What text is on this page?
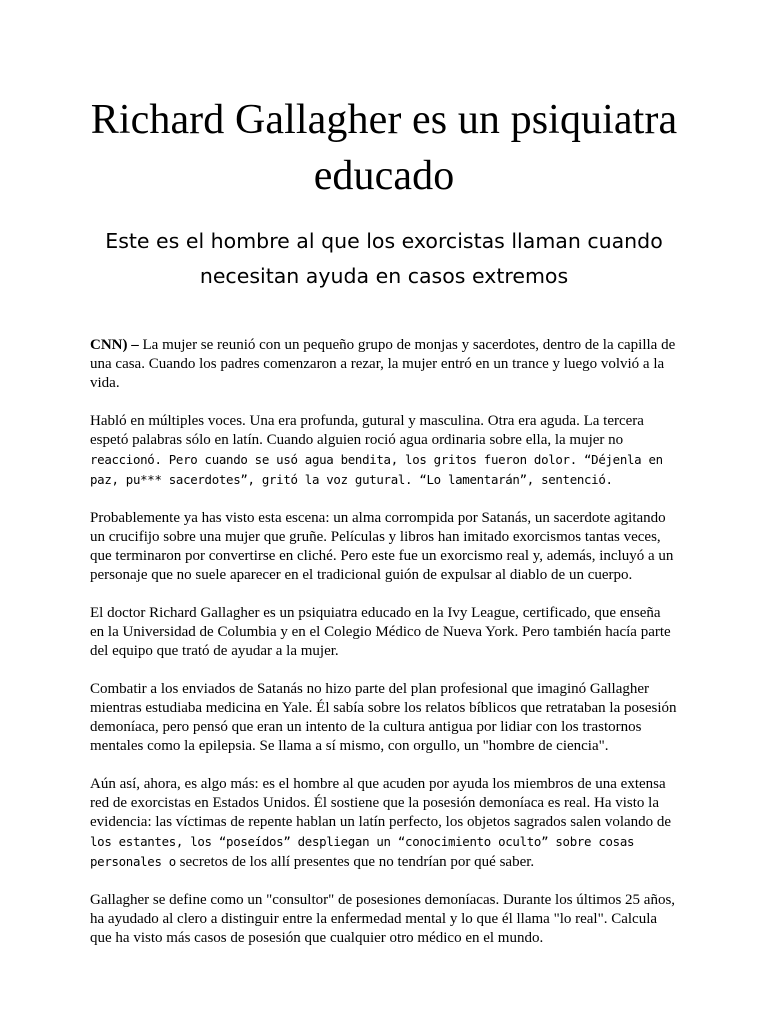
Richard Gallagher es un psiquiatra educado
Este es el hombre al que los exorcistas llaman cuando necesitan ayuda en casos extremos

CNN) – La mujer se reunió con un pequeño grupo de monjas y sacerdotes, dentro de la capilla de una casa. Cuando los padres comenzaron a rezar, la mujer entró en un trance y luego volvió a la vida.

Habló en múltiples voces. Una era profunda, gutural y masculina. Otra era aguda. La tercera espetó palabras sólo en latín. Cuando alguien roció agua ordinaria sobre ella, la mujer no reaccionó. Pero cuando se usó agua bendita, los gritos fueron dolor. “Déjenla en paz, pu*** sacerdotes”, gritó la voz gutural. “Lo lamentarán”, sentenció.

Probablemente ya has visto esta escena: un alma corrompida por Satanás, un sacerdote agitando un crucifijo sobre una mujer que gruñe. Películas y libros han imitado exorcismos tantas veces, que terminaron por convertirse en cliché. Pero este fue un exorcismo real y, además, incluyó a un personaje que no suele aparecer en el tradicional guión de expulsar al diablo de un cuerpo.

El doctor Richard Gallagher es un psiquiatra educado en la Ivy League, certificado, que enseña en la Universidad de Columbia y en el Colegio Médico de Nueva York. Pero también hacía parte del equipo que trató de ayudar a la mujer.

Combatir a los enviados de Satanás no hizo parte del plan profesional que imaginó Gallagher mientras estudiaba medicina en Yale. Él sabía sobre los relatos bíblicos que retrataban la posesión demoníaca, pero pensó que eran un intento de la cultura antigua por lidiar con los trastornos mentales como la epilepsia. Se llama a sí mismo, con orgullo, un "hombre de ciencia".

Aún así, ahora, es algo más: es el hombre al que acuden por ayuda los miembros de una extensa red de exorcistas en Estados Unidos. Él sostiene que la posesión demoníaca es real. Ha visto la evidencia: las víctimas de repente hablan un latín perfecto, los objetos sagrados salen volando de los estantes, los “poseídos” despliegan un “conocimiento oculto” sobre cosas personales o secretos de los allí presentes que no tendrían por qué saber.

Gallagher se define como un "consultor" de posesiones demoníacas. Durante los últimos 25 años, ha ayudado al clero a distinguir entre la enfermedad mental y lo que él llama "lo real". Calcula que ha visto más casos de posesión que cualquier otro médico en el mundo.
